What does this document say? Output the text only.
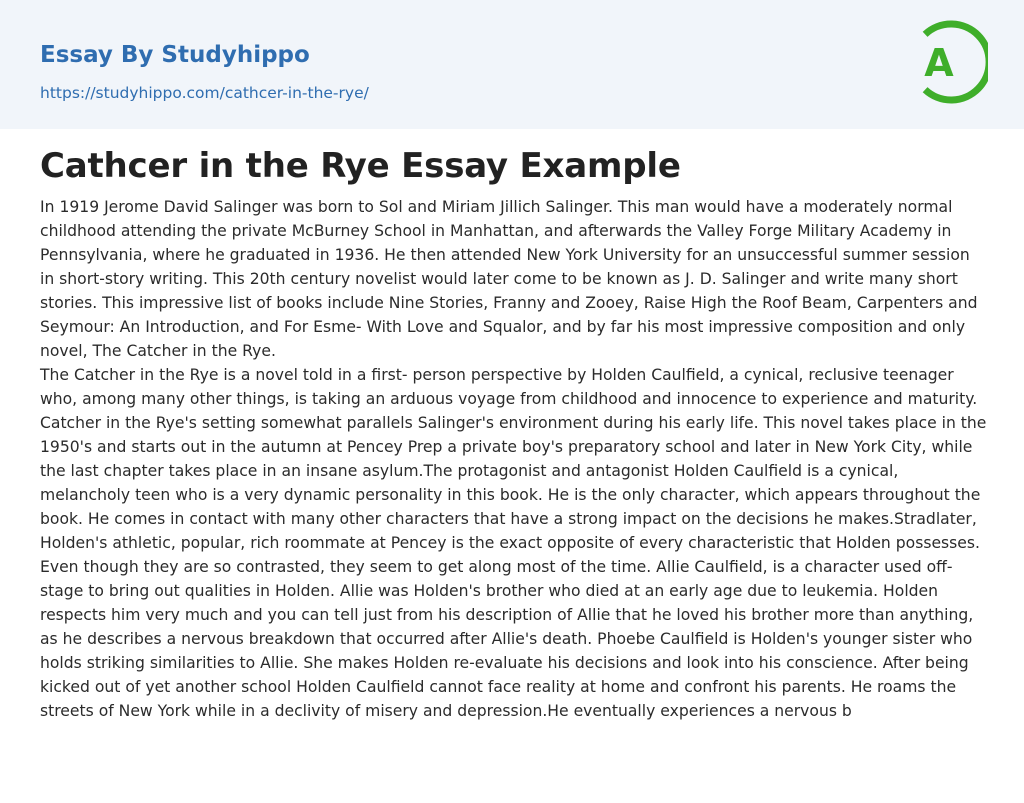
Essay By Studyhippo
https://studyhippo.com/cathcer-in-the-rye/
A
Cathcer in the Rye Essay Example

In 1919 Jerome David Salinger was born to Sol and Miriam Jillich Salinger. This man would have a moderately normal childhood attending the private McBurney School in Manhattan, and afterwards the Valley Forge Military Academy in Pennsylvania, where he graduated in 1936. He then attended New York University for an unsuccessful summer session in short-story writing. This 20th century novelist would later come to be known as J. D. Salinger and write many short stories. This impressive list of books include Nine Stories, Franny and Zooey, Raise High the Roof Beam, Carpenters and Seymour: An Introduction, and For Esme- With Love and Squalor, and by far his most impressive composition and only novel, The Catcher in the Rye.

The Catcher in the Rye is a novel told in a first- person perspective by Holden Caulfield, a cynical, reclusive teenager who, among many other things, is taking an arduous voyage from childhood and innocence to experience and maturity. Catcher in the Rye's setting somewhat parallels Salinger's environment during his early life. This novel takes place in the 1950's and starts out in the autumn at Pencey Prep a private boy's preparatory school and later in New York City, while the last chapter takes place in an insane asylum.The protagonist and antagonist Holden Caulfield is a cynical, melancholy teen who is a very dynamic personality in this book. He is the only character, which appears throughout the book. He comes in contact with many other characters that have a strong impact on the decisions he makes.Stradlater, Holden's athletic, popular, rich roommate at Pencey is the exact opposite of every characteristic that Holden possesses. Even though they are so contrasted, they seem to get along most of the time. Allie Caulfield, is a character used off-stage to bring out qualities in Holden. Allie was Holden's brother who died at an early age due to leukemia. Holden respects him very much and you can tell just from his description of Allie that he loved his brother more than anything, as he describes a nervous breakdown that occurred after Allie's death. Phoebe Caulfield is Holden's younger sister who holds striking similarities to Allie. She makes Holden re-evaluate his decisions and look into his conscience. After being kicked out of yet another school Holden Caulfield cannot face reality at home and confront his parents. He roams the streets of New York while in a declivity of misery and depression.He eventually experiences a nervous b
